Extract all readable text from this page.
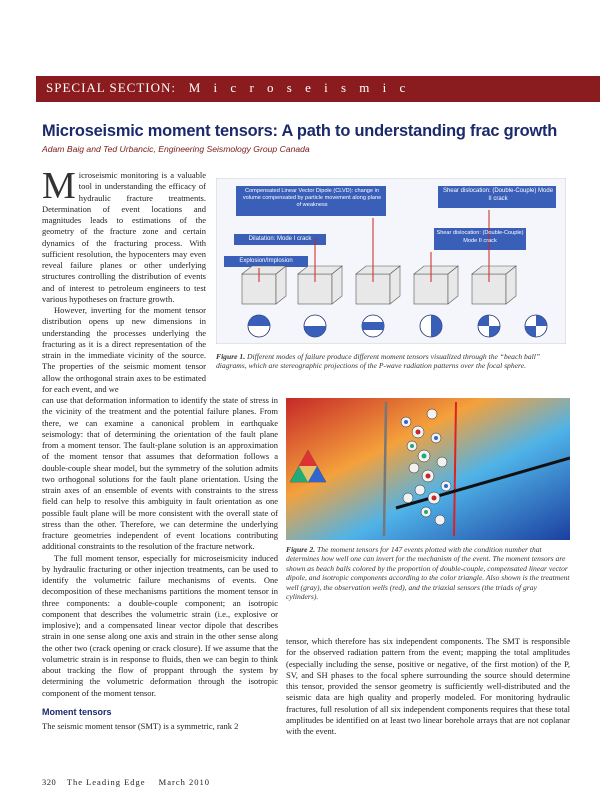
SPECIAL SECTION: M i c r o s e i s m i c
Microseismic moment tensors: A path to understanding frac growth
Adam Baig and Ted Urbancic, Engineering Seismology Group Canada
M icroseismic monitoring is a valuable tool in understanding the efficacy of hydraulic fracture treatments. Determination of event locations and magnitudes leads to estimations of the geometry of the fracture zone and certain dynamics of the fracturing process. With sufficient resolution, the hypocenters may even reveal failure planes or other underlying structures controlling the distribution of events and of interest to petroleum engineers to test various hypotheses on fracture growth.

However, inverting for the moment tensor distribution opens up new dimensions in understanding the processes underlying the fracturing as it is a direct representation of the strain in the immediate vicinity of the source. The properties of the seismic moment tensor allow the orthogonal strain axes to be estimated for each event, and we

can use that deformation information to identify the state of stress in the vicinity of the treatment and the potential failure planes. From there, we can examine a canonical problem in earthquake seismology: that of determining the orientation of the fault plane from a moment tensor. The fault-plane solution is an approximation of the moment tensor that assumes that deformation follows a double-couple shear model, but the symmetry of the solution admits two orthogonal solutions for the fault plane orientation. Using the strain axes of an ensemble of events with constraints to the stress field can help to resolve this ambiguity in fault orientation as one possible fault plane will be more consistent with the overall state of stress than the other. Therefore, we can determine the underlying fracture geometries independent of event locations contributing additional constraints to the resolution of the fracture network.

The full moment tensor, especially for microseismicity induced by hydraulic fracturing or other injection treatments, can be used to identify the volumetric failure mechanisms of events. One decomposition of these mechanisms partitions the moment tensor in three components: a double-couple component; an isotropic component that describes the volumetric strain (i.e., explosive or implosive); and a compensated linear vector dipole that describes strain in one sense along one axis and strain in the other sense along the other two (crack opening or crack closure). If we assume that the volumetric strain is in response to fluids, then we can begin to think about tracking the flow of proppant through the system by determining the volumetric deformation through the isotropic component of the moment tensor.

Moment tensors

The seismic moment tensor (SMT) is a symmetric, rank 2

Compensated Linear Vector Dipole (CLVD): change in volume compensated by particle movement along plane of weakness
Shear dislocation: (Double-Couple) Mode II crack
Dilatation: Mode I crack
Shear dislocation: (Double-Couple) Mode II crack
Explosion/Implosion
Figure 1. Different modes of failure produce different moment tensors visualized through the “beach ball” diagrams, which are stereographic projections of the P-wave radiation patterns over the focal sphere.
Figure 2. The moment tensors for 147 events plotted with the condition number that determines how well one can invert for the mechanism of the event. The moment tensors are shown as beach balls colored by the proportion of double-couple, compensated linear vector dipole, and isotropic components according to the color triangle. Also shown is the treatment well (gray), the observation wells (red), and the triaxial sensors (the triads of gray cylinders).

tensor, which therefore has six independent components. The SMT is responsible for the observed radiation pattern from the event; mapping the total amplitudes (especially including the sense, positive or negative, of the first motion) of the P, SV, and SH phases to the focal sphere surrounding the source should determine this tensor, provided the sensor geometry is sufficiently well-distributed and the seismic data are high quality and properly modeled. For monitoring hydraulic fractures, full resolution of all six independent components requires that these total amplitudes be identified on at least two linear borehole arrays that are not coplanar with the event.

320 The Leading Edge March 2010
